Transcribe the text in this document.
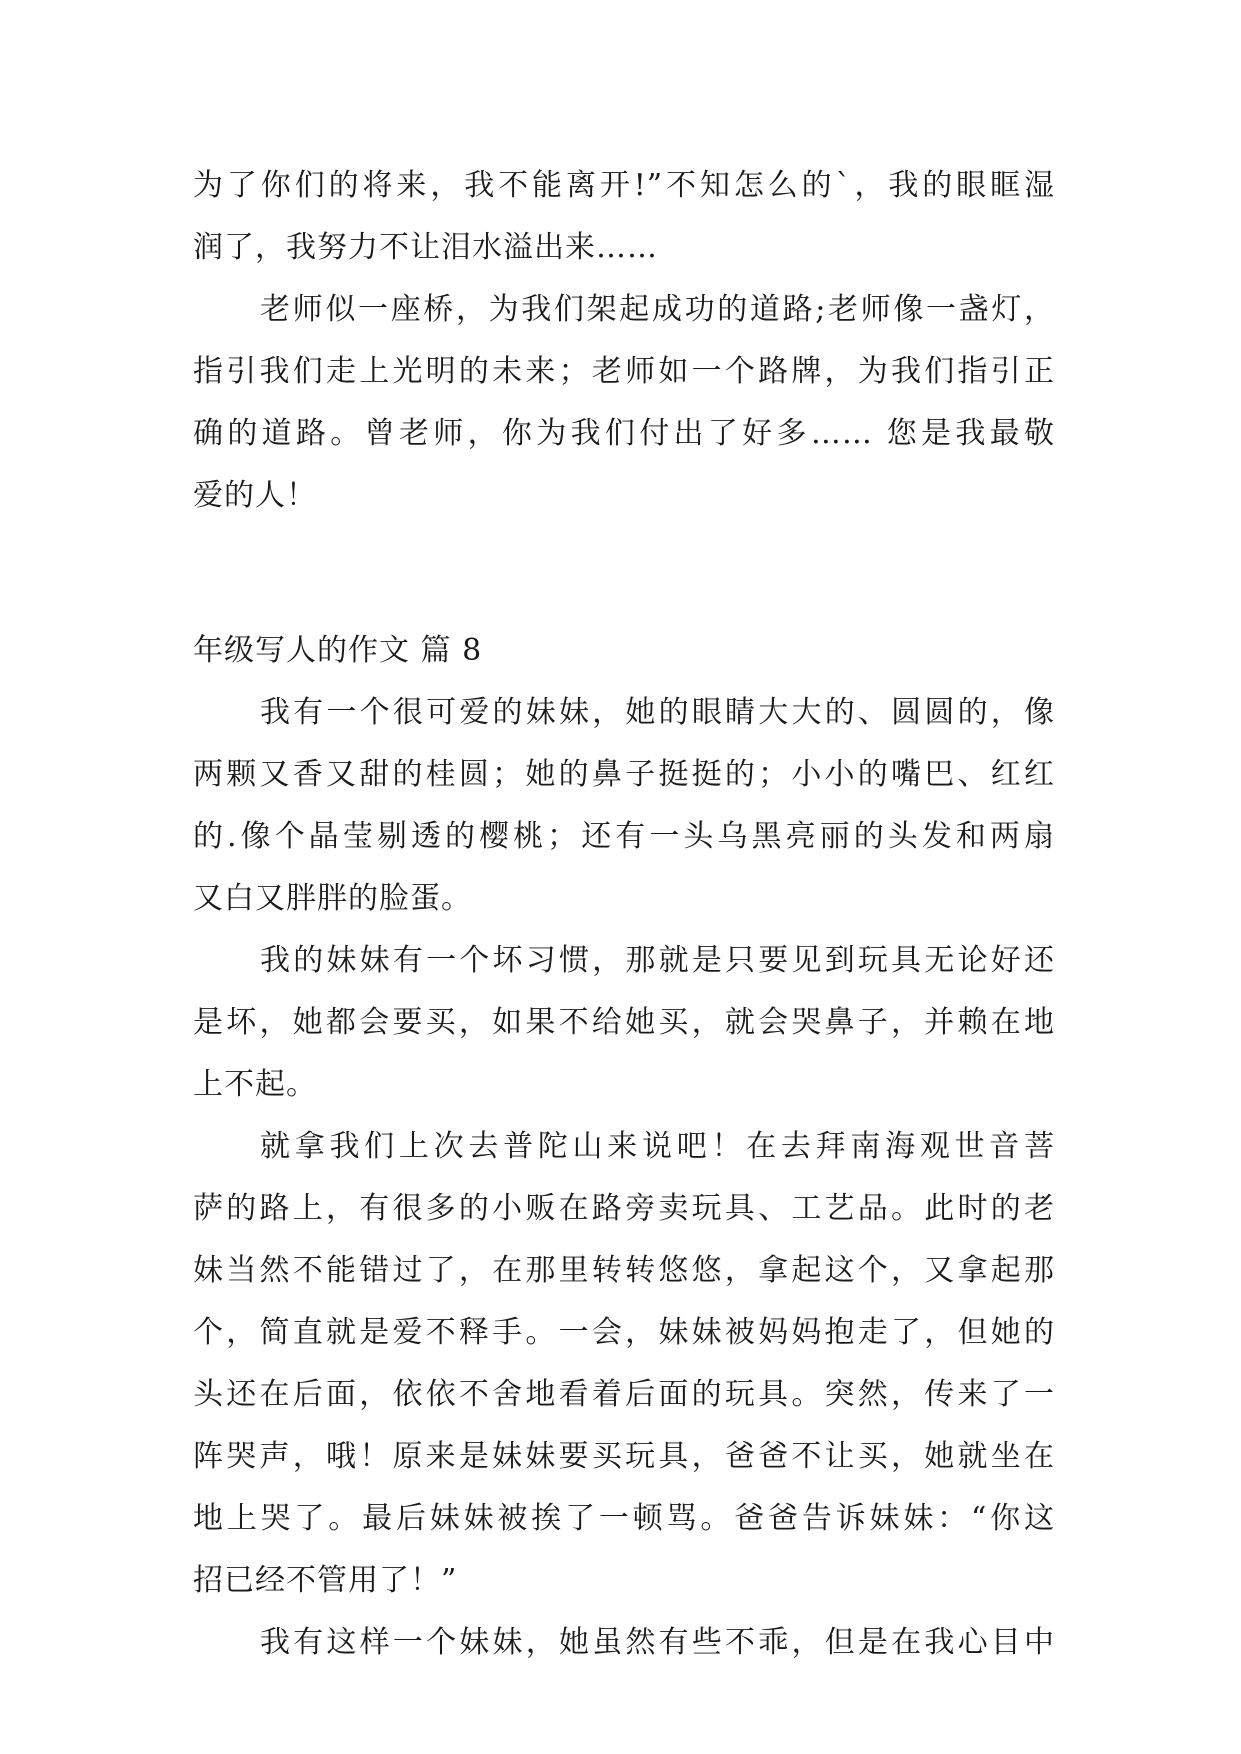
为了你们的将来，我不能离开!”不知怎么的`，我的眼眶湿
润了，我努力不让泪水溢出来……
老师似一座桥，为我们架起成功的道路;老师像一盏灯，
指引我们走上光明的未来；老师如一个路牌，为我们指引正
确的道路。曾老师，你为我们付出了好多…… 您是我最敬
爱的人！
年级写人的作文 篇 8
我有一个很可爱的妹妹，她的眼睛大大的、圆圆的，像
两颗又香又甜的桂圆；她的鼻子挺挺的；小小的嘴巴、红红
的.像个晶莹剔透的樱桃；还有一头乌黑亮丽的头发和两扇
又白又胖胖的脸蛋。
我的妹妹有一个坏习惯，那就是只要见到玩具无论好还
是坏，她都会要买，如果不给她买，就会哭鼻子，并赖在地
上不起。
就拿我们上次去普陀山来说吧！在去拜南海观世音菩
萨的路上，有很多的小贩在路旁卖玩具、工艺品。此时的老
妹当然不能错过了，在那里转转悠悠，拿起这个，又拿起那
个，简直就是爱不释手。一会，妹妹被妈妈抱走了，但她的
头还在后面，依依不舍地看着后面的玩具。突然，传来了一
阵哭声，哦！原来是妹妹要买玩具，爸爸不让买，她就坐在
地上哭了。最后妹妹被挨了一顿骂。爸爸告诉妹妹：“你这
招已经不管用了！”
我有这样一个妹妹，她虽然有些不乖，但是在我心目中
